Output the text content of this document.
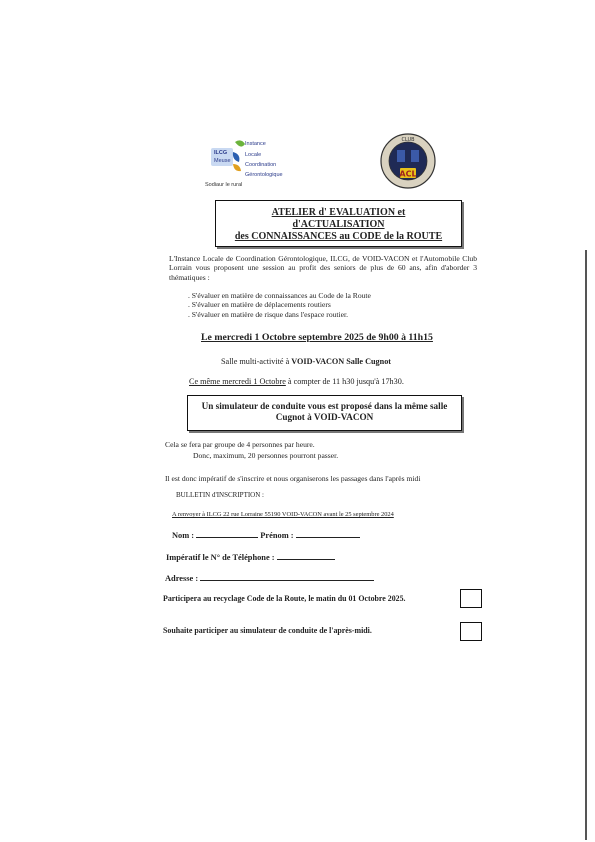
ILCG
Meuse
Instance
Locale
Coordination
Gérontologique
Sodiaur le rural
CLUB
ACL
ATELIER d' EVALUATION et
d'ACTUALISATION
des CONNAISSANCES au CODE de la ROUTE
L'Instance Locale de Coordination Gérontologique, ILCG, de VOID-VACON et l'Automobile Club Lorrain vous proposent une session au profit des seniors de plus de 60 ans, afin d'aborder 3 thématiques :
. S'évaluer en matière de connaissances au Code de la Route
. S'évaluer en matière de déplacements routiers
. S'évaluer en matière de risque dans l'espace routier.
Le mercredi 1 Octobre septembre 2025 de 9h00 à 11h15
Salle multi-activité à VOID-VACON Salle Cugnot
Ce même mercredi 1 Octobre à compter de 11 h30 jusqu'à 17h30.
Un simulateur de conduite vous est proposé dans la même salle
Cugnot à VOID-VACON
Cela se fera par groupe de 4 personnes par heure.
Donc, maximum, 20 personnes pourront passer.
Il est donc impératif de s'inscrire et nous organiserons les passages dans l'après midi
BULLETIN d'INSCRIPTION :
A renvoyer à ILCG 22 rue Lorraine 55190 VOID-VACON avant le 25 septembre 2024
Nom :	Prénom :
Impératif le N° de Téléphone :
Adresse :
Participera au recyclage Code de la Route, le matin du 01 Octobre 2025.
Souhaite participer au simulateur de conduite de l'après-midi.
